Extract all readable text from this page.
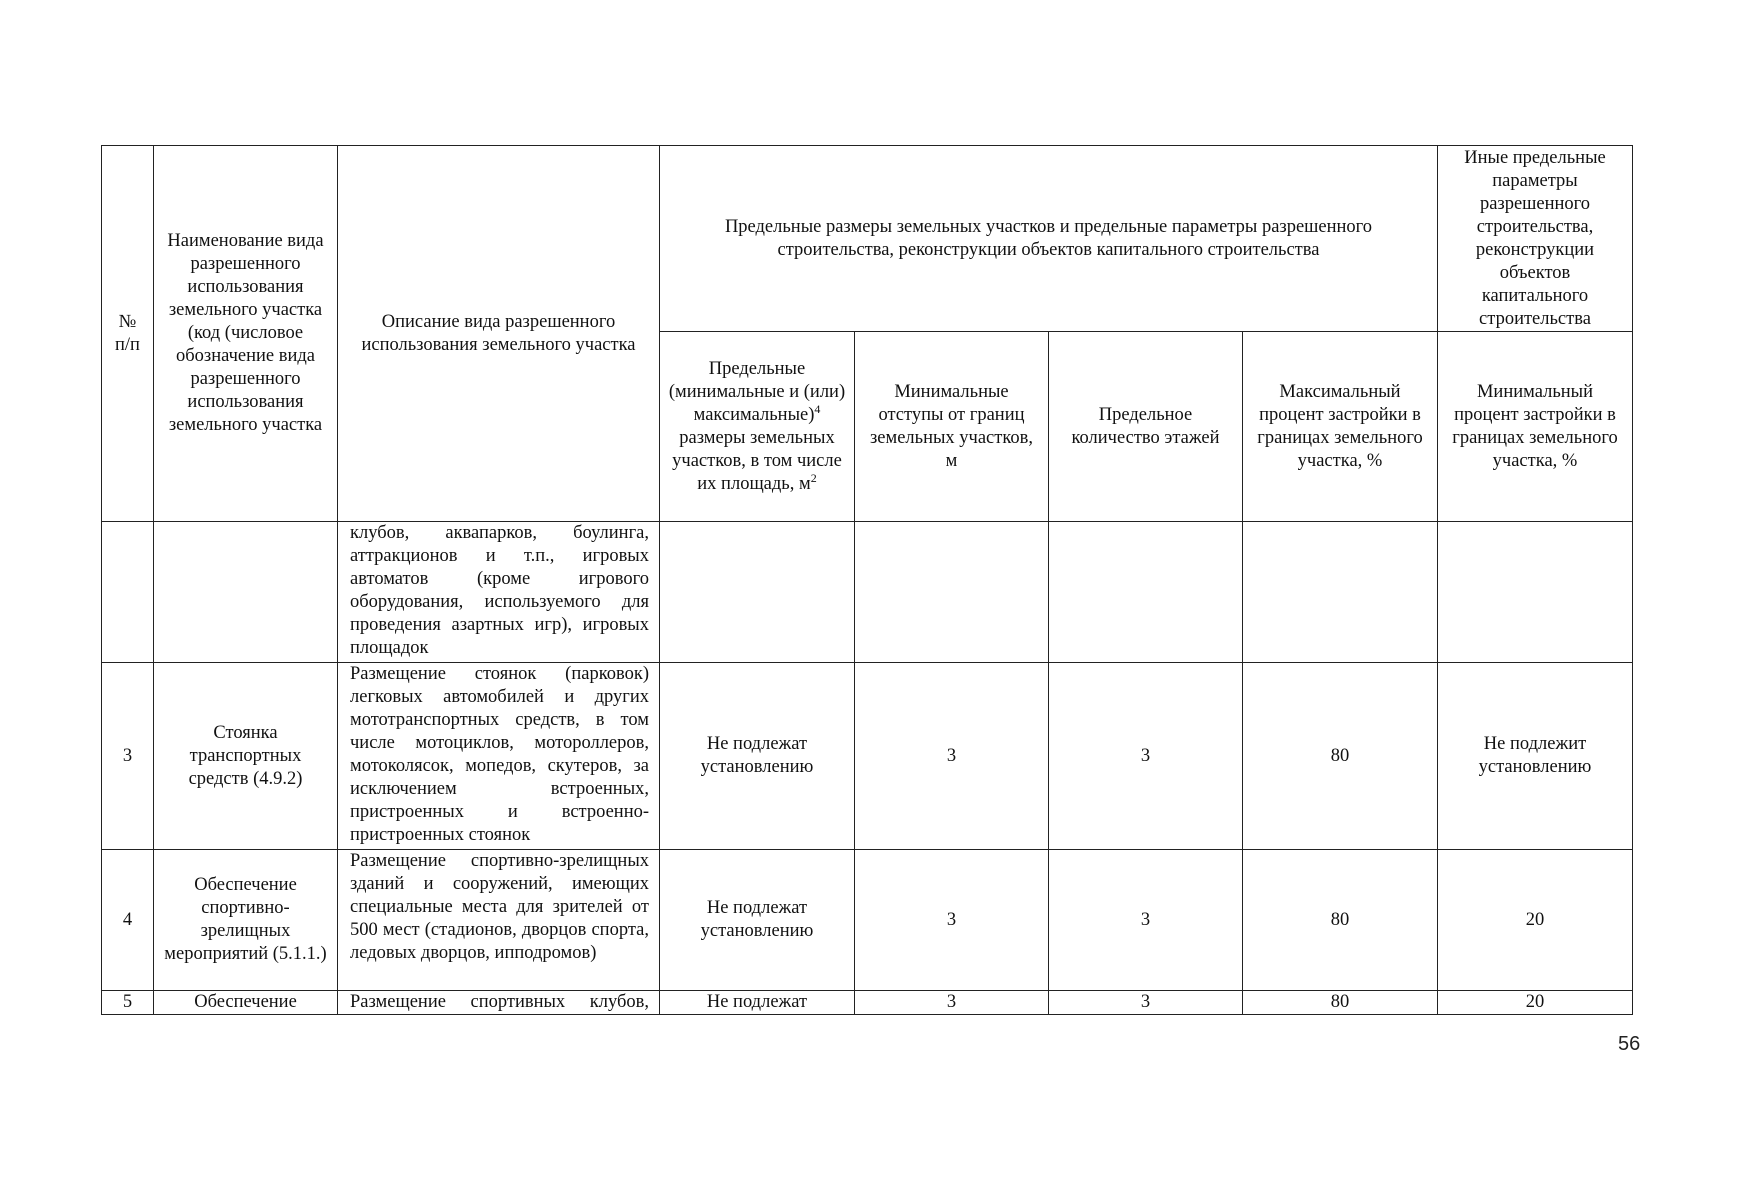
№ п/п	Наименование вида разрешенного использования земельного участка (код (числовое обозначение вида разрешенного использования земельного участка	Описание вида разрешенного использования земельного участка	Предельные размеры земельных участков и предельные параметры разрешенного строительства, реконструкции объектов капитального строительства				Иные предельные параметры разрешенного строительства, реконструкции объектов капитального строительства
			Предельные (минимальные и (или) максимальные)$^4$ размеры земельных участков, в том числе их площадь, $м^2$	Минимальные отступы от границ земельных участков, м	Предельное количество этажей	Максимальный процент застройки в границах земельного участка, %	Минимальный процент застройки в границах земельного участка, %
		клубов, аквапарков, боулинга, аттракционов и т.п., игровых автоматов (кроме игрового оборудования, используемого для проведения азартных игр), игровых площадок					
3	Стоянка транспортных средств (4.9.2)	Размещение стоянок (парковок) легковых автомобилей и других мототранспортных средств, в том числе мотоциклов, мотороллеров, мотоколясок, мопедов, скутеров, за исключением встроенных, пристроенных и встроенно-пристроенных стоянок	Не подлежат установлению	3	3	80	Не подлежит установлению
4	Обеспечение спортивно-зрелищных мероприятий (5.1.1.)	Размещение спортивно-зрелищных зданий и сооружений, имеющих специальные места для зрителей от 500 мест (стадионов, дворцов спорта, ледовых дворцов, ипподромов)	Не подлежат установлению	3	3	80	20
5	Обеспечение	Размещение спортивных клубов,	Не подлежат	3	3	80	20
56
